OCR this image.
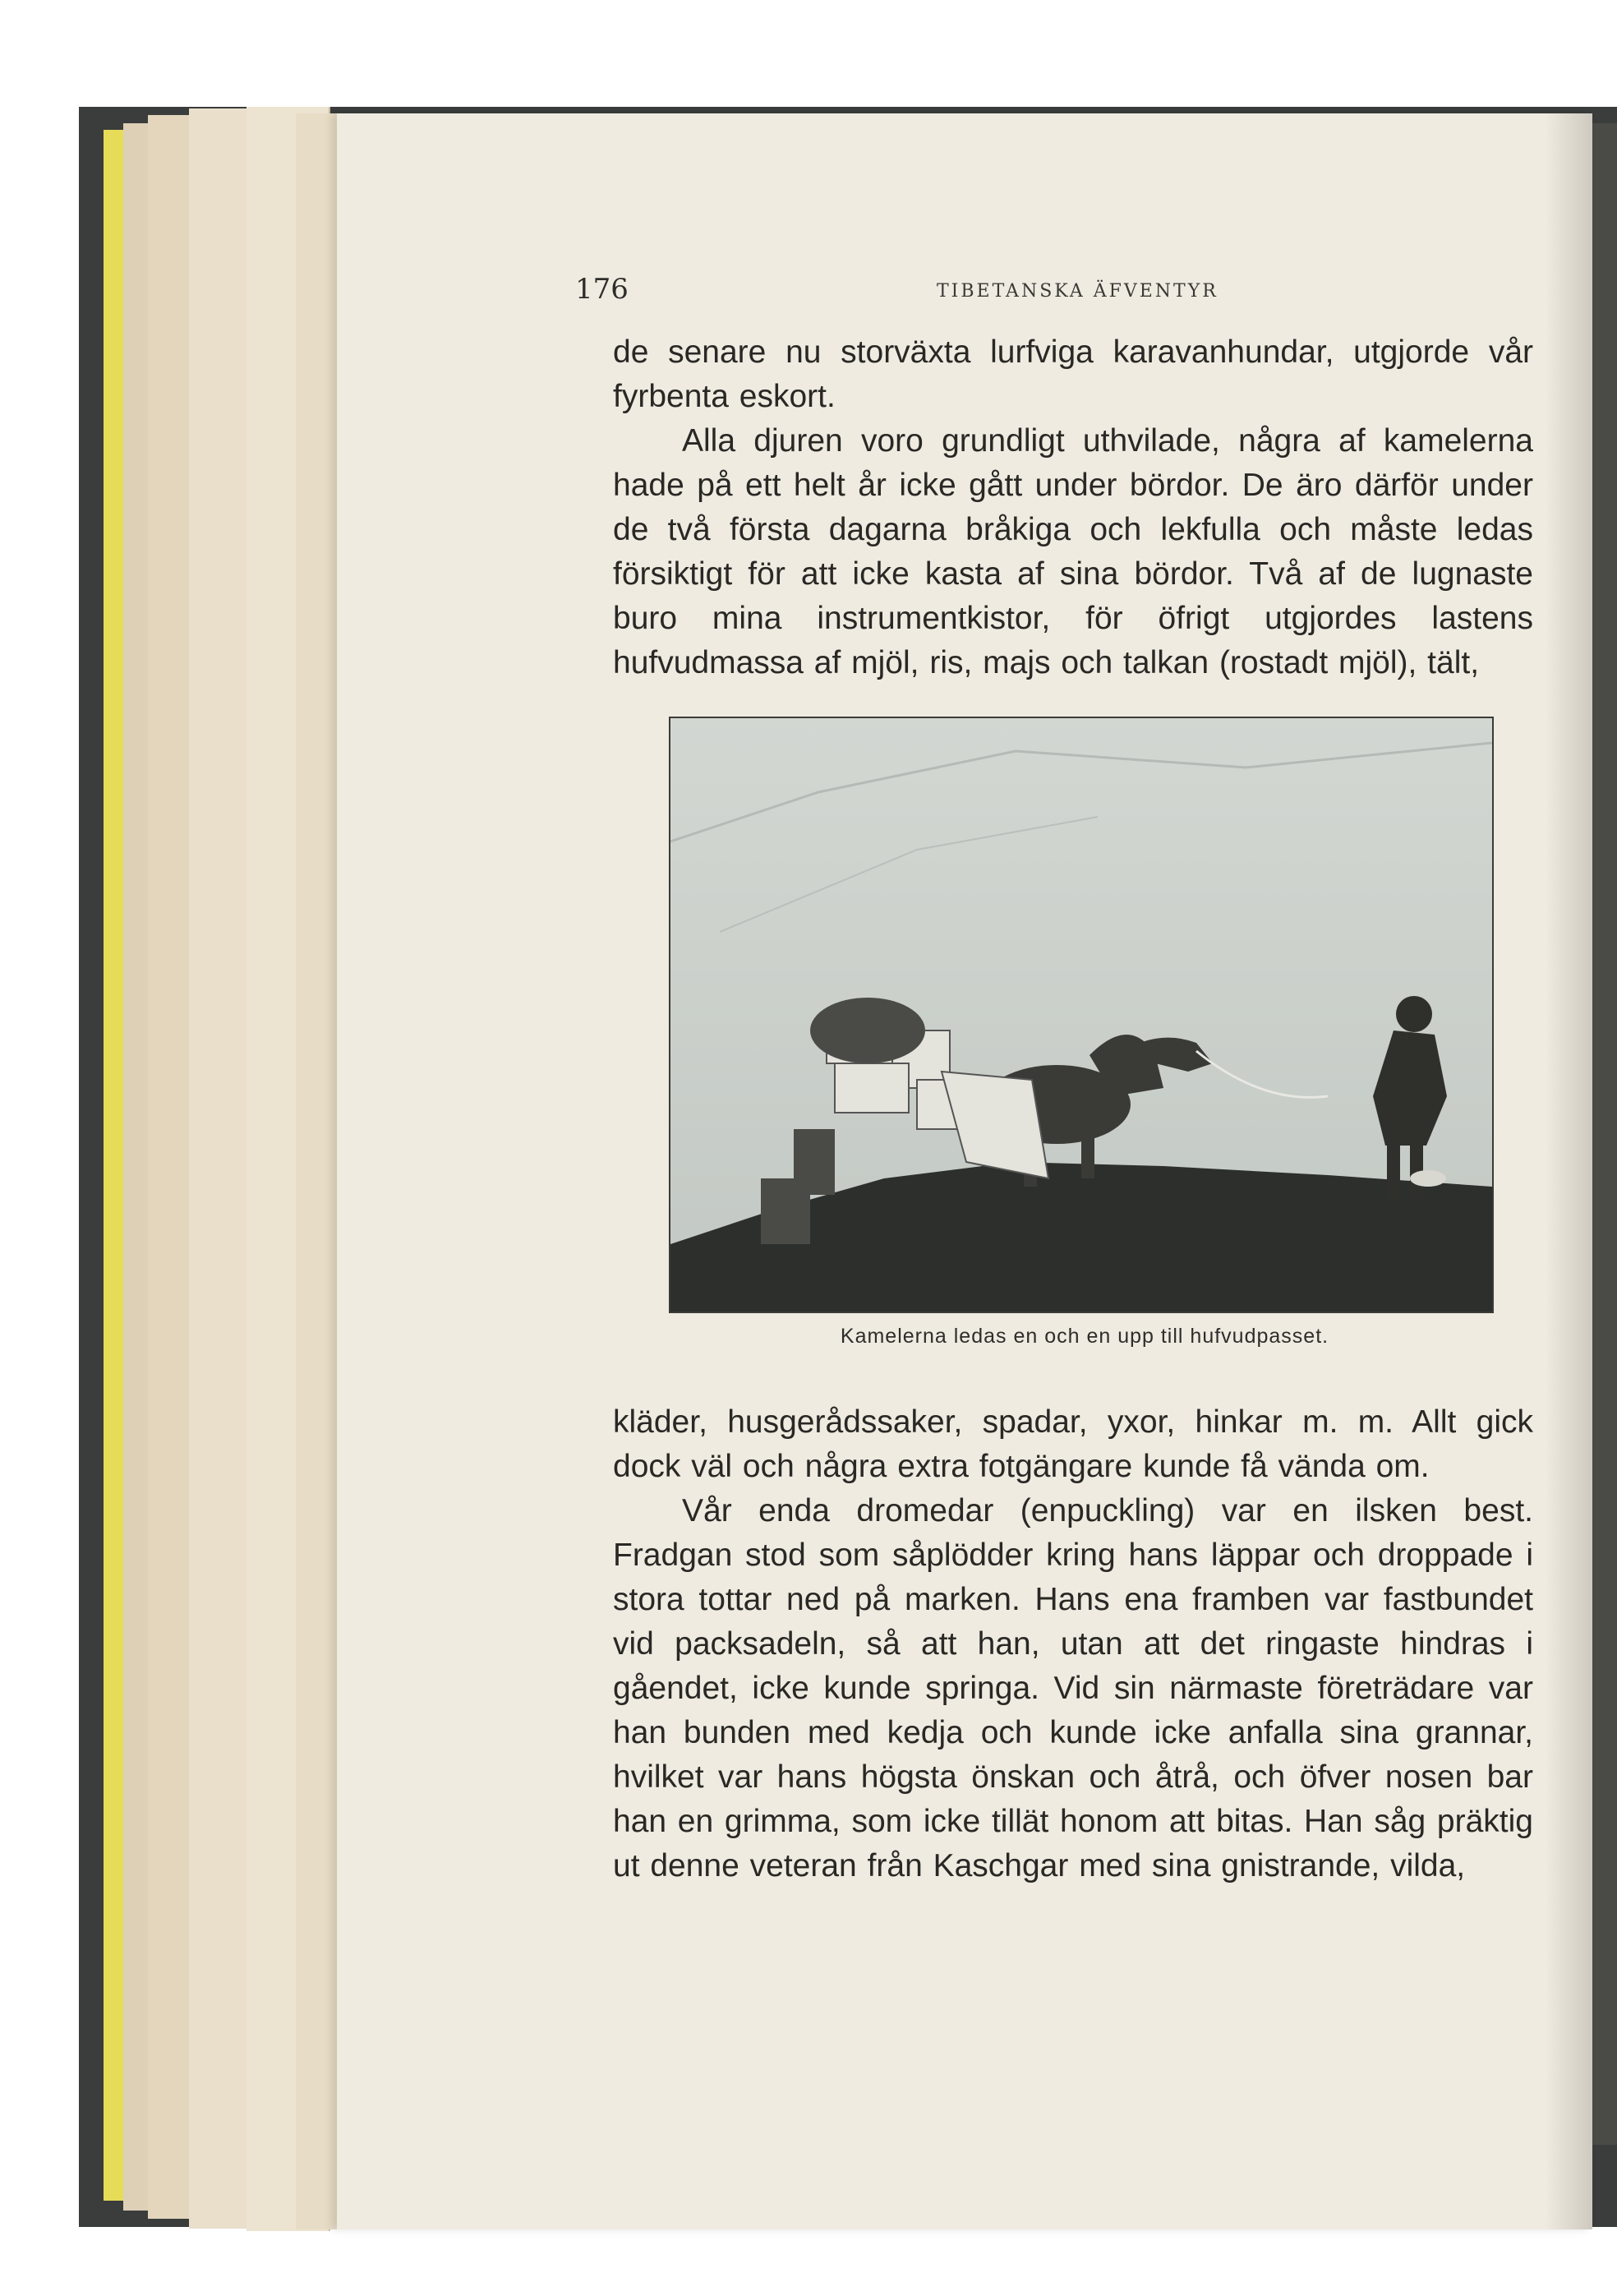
176	TIBETANSKA ÄFVENTYR

de senare nu storväxta lurfviga karavanhundar, utgjorde vår fyrbenta eskort.

Alla djuren voro grundligt uthvilade, några af kamelerna hade på ett helt år icke gått under bördor. De äro därför under de två första dagarna bråkiga och lekfulla och måste ledas försiktigt för att icke kasta af sina bördor. Två af de lugnaste buro mina instrumentkistor, för öfrigt utgjordes lastens hufvudmassa af mjöl, ris, majs och talkan (rostadt mjöl), tält,

Kamelerna ledas en och en upp till hufvudpasset.

kläder, husgerådssaker, spadar, yxor, hinkar m. m. Allt gick dock väl och några extra fotgängare kunde få vända om.

Vår enda dromedar (enpuckling) var en ilsken best. Fradgan stod som såplödder kring hans läppar och droppade i stora tottar ned på marken. Hans ena framben var fastbundet vid packsadeln, så att han, utan att det ringaste hindras i gåendet, icke kunde springa. Vid sin närmaste företrädare var han bunden med kedja och kunde icke anfalla sina grannar, hvilket var hans högsta önskan och åtrå, och öfver nosen bar han en grimma, som icke tillät honom att bitas. Han såg präktig ut denne veteran från Kaschgar med sina gnistrande, vilda,
